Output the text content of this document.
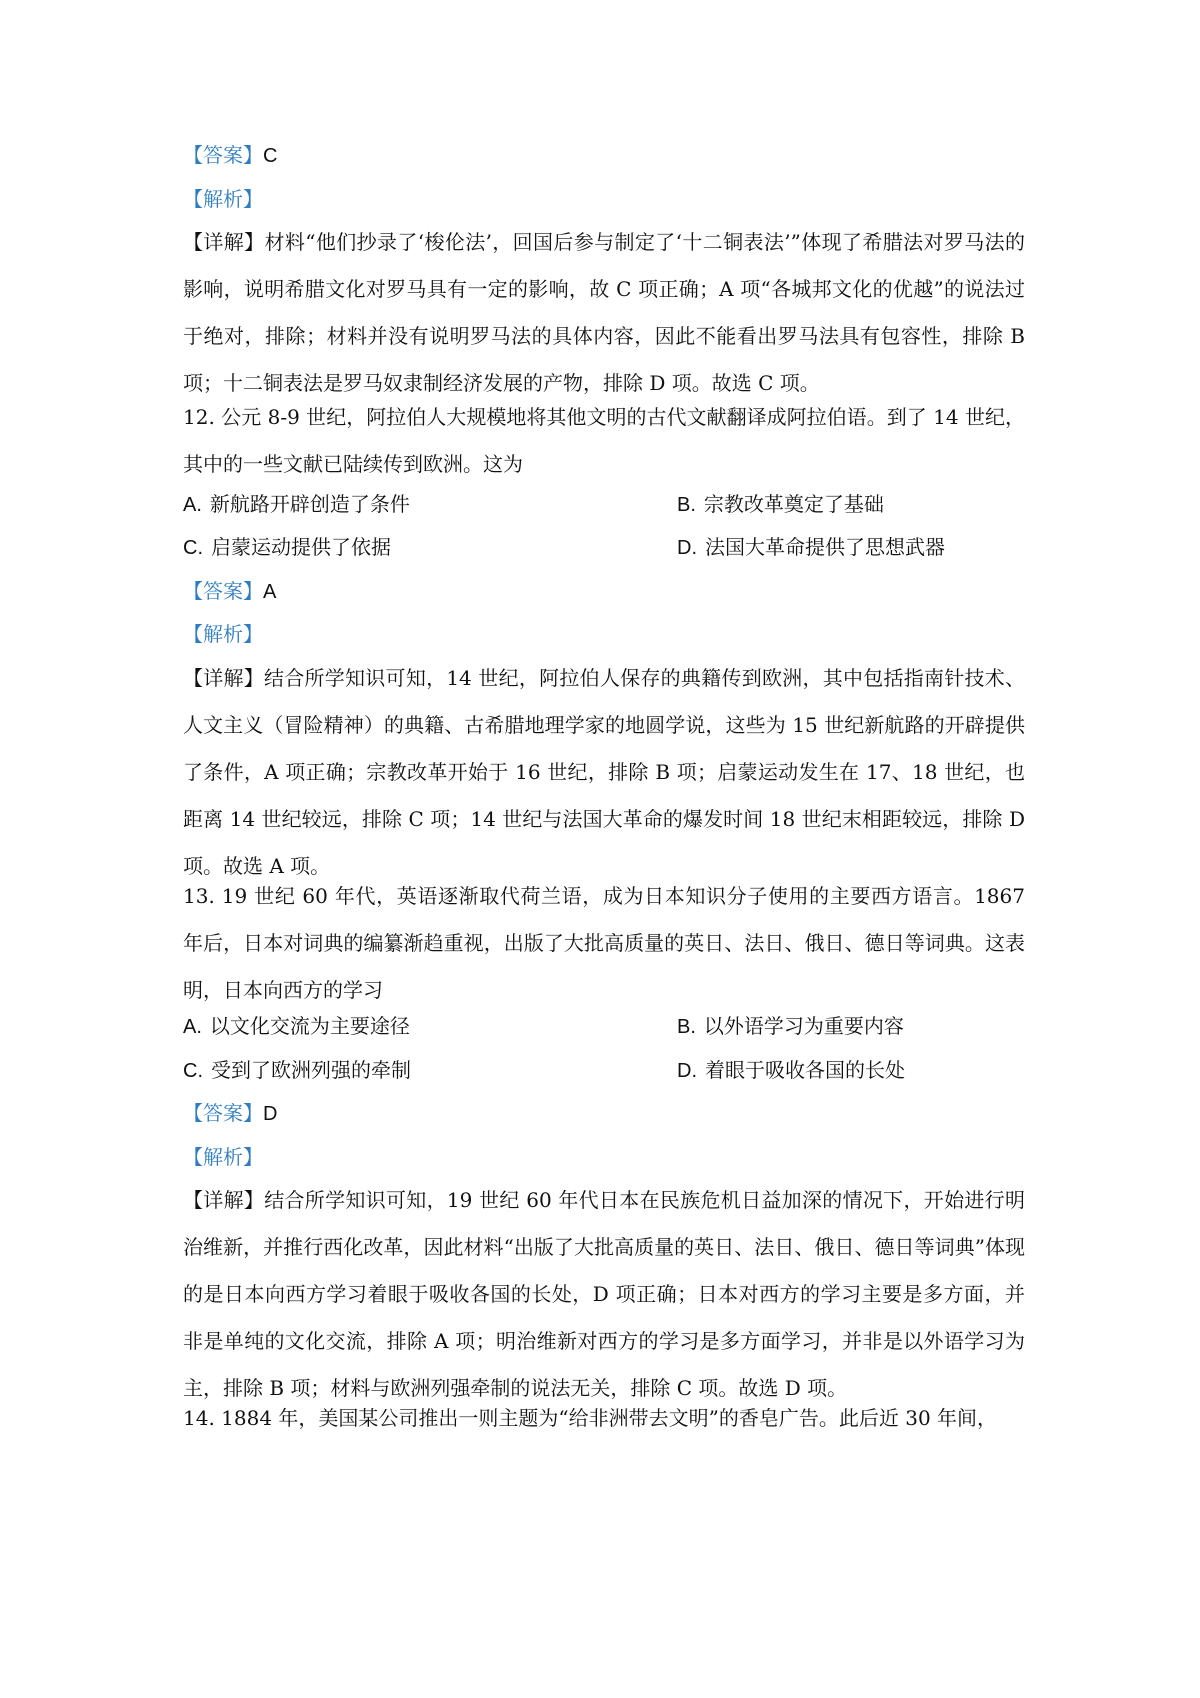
【答案】C
【解析】
【详解】材料“他们抄录了‘梭伦法’，回国后参与制定了‘十二铜表法’”体现了希腊法对罗马法的影响，说明希腊文化对罗马具有一定的影响，故 C 项正确；A 项“各城邦文化的优越”的说法过于绝对，排除；材料并没有说明罗马法的具体内容，因此不能看出罗马法具有包容性，排除 B 项；十二铜表法是罗马奴隶制经济发展的产物，排除 D 项。故选 C 项。
12. 公元 8-9 世纪，阿拉伯人大规模地将其他文明的古代文献翻译成阿拉伯语。到了 14 世纪，其中的一些文献已陆续传到欧洲。这为
A. 新航路开辟创造了条件	B. 宗教改革奠定了基础
C. 启蒙运动提供了依据	D. 法国大革命提供了思想武器
【答案】A
【解析】
【详解】结合所学知识可知，14 世纪，阿拉伯人保存的典籍传到欧洲，其中包括指南针技术、人文主义（冒险精神）的典籍、古希腊地理学家的地圆学说，这些为 15 世纪新航路的开辟提供了条件，A 项正确；宗教改革开始于 16 世纪，排除 B 项；启蒙运动发生在 17、18 世纪，也距离 14 世纪较远，排除 C 项；14 世纪与法国大革命的爆发时间 18 世纪末相距较远，排除 D 项。故选 A 项。
13. 19 世纪 60 年代，英语逐渐取代荷兰语，成为日本知识分子使用的主要西方语言。1867 年后，日本对词典的编纂渐趋重视，出版了大批高质量的英日、法日、俄日、德日等词典。这表明，日本向西方的学习
A. 以文化交流为主要途径	B. 以外语学习为重要内容
C. 受到了欧洲列强的牵制	D. 着眼于吸收各国的长处
【答案】D
【解析】
【详解】结合所学知识可知，19 世纪 60 年代日本在民族危机日益加深的情况下，开始进行明治维新，并推行西化改革，因此材料“出版了大批高质量的英日、法日、俄日、德日等词典”体现的是日本向西方学习着眼于吸收各国的长处，D 项正确；日本对西方的学习主要是多方面，并非是单纯的文化交流，排除 A 项；明治维新对西方的学习是多方面学习，并非是以外语学习为主，排除 B 项；材料与欧洲列强牵制的说法无关，排除 C 项。故选 D 项。
14. 1884 年，美国某公司推出一则主题为“给非洲带去文明”的香皂广告。此后近 30 年间，
